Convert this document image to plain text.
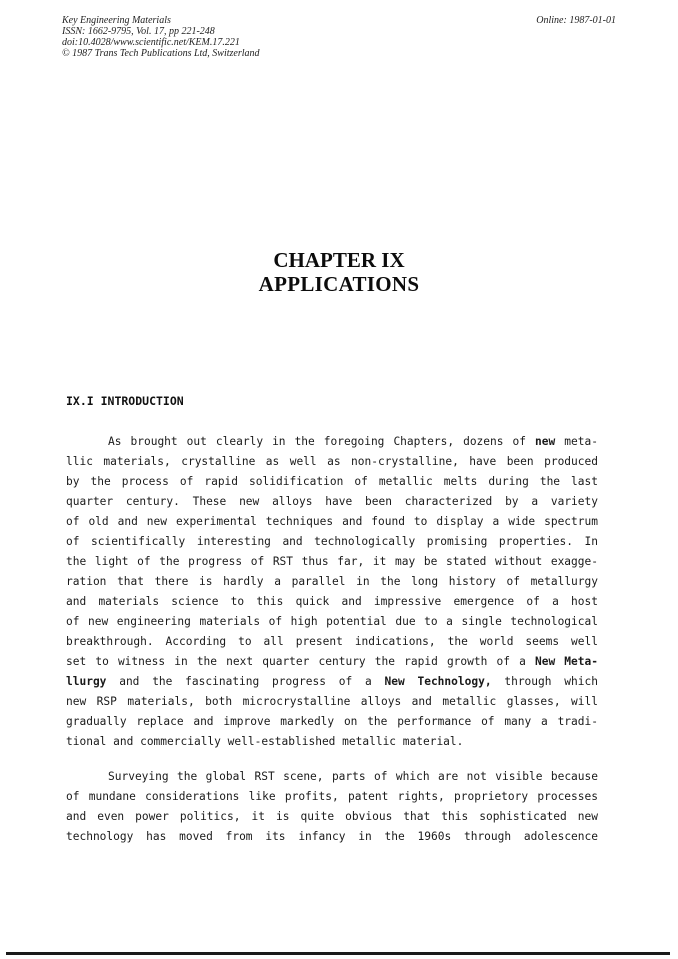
Key Engineering Materials
ISSN: 1662-9795, Vol. 17, pp 221-248
doi:10.4028/www.scientific.net/KEM.17.221
© 1987 Trans Tech Publications Ltd, Switzerland
Online: 1987-01-01
CHAPTER IX
APPLICATIONS
IX.I INTRODUCTION
As brought out clearly in the foregoing Chapters, dozens of new meta-
llic materials, crystalline as well as non-crystalline, have been produced
by the process of rapid solidification of metallic melts during the last
quarter century. These new alloys have been characterized by a variety
of old and new experimental techniques and found to display a wide spectrum
of scientifically interesting and technologically promising properties. In
the light of the progress of RST thus far, it may be stated without exagge-
ration that there is hardly a parallel in the long history of metallurgy
and materials science to this quick and impressive emergence of a host
of new engineering materials of high potential due to a single technological
breakthrough. According to all present indications, the world seems well
set to witness in the next quarter century the rapid growth of a New Meta-
llurgy and the fascinating progress of a New Technology, through which
new RSP materials, both microcrystalline alloys and metallic glasses, will
gradually replace and improve markedly on the performance of many a tradi-
tional and commercially well-established metallic material.
Surveying the global RST scene, parts of which are not visible because
of mundane considerations like profits, patent rights, proprietory processes
and even power politics, it is quite obvious that this sophisticated new
technology has moved from its infancy in the 1960s through adolescence
